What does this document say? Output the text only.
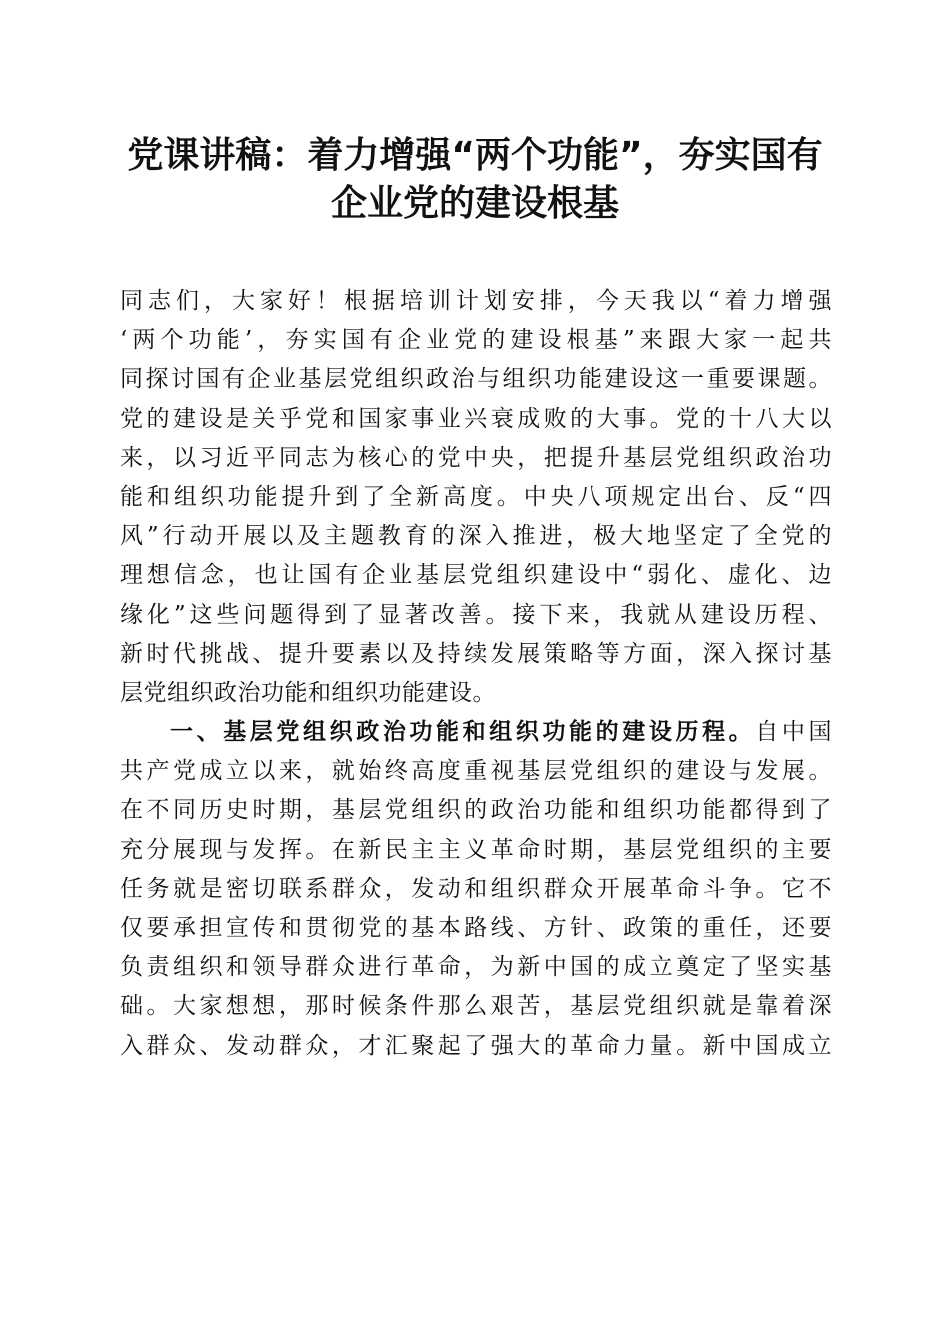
党课讲稿：着力增强“两个功能”，夯实国有
企业党的建设根基
同志们，大家好！根据培训计划安排，今天我以“着力增强
‘两个功能’，夯实国有企业党的建设根基”来跟大家一起共
同探讨国有企业基层党组织政治与组织功能建设这一重要课题。
党的建设是关乎党和国家事业兴衰成败的大事。党的十八大以
来，以习近平同志为核心的党中央，把提升基层党组织政治功
能和组织功能提升到了全新高度。中央八项规定出台、反“四
风”行动开展以及主题教育的深入推进，极大地坚定了全党的
理想信念，也让国有企业基层党组织建设中“弱化、虚化、边
缘化”这些问题得到了显著改善。接下来，我就从建设历程、
新时代挑战、提升要素以及持续发展策略等方面，深入探讨基
层党组织政治功能和组织功能建设。
一、基层党组织政治功能和组织功能的建设历程。自中国
共产党成立以来，就始终高度重视基层党组织的建设与发展。
在不同历史时期，基层党组织的政治功能和组织功能都得到了
充分展现与发挥。在新民主主义革命时期，基层党组织的主要
任务就是密切联系群众，发动和组织群众开展革命斗争。它不
仅要承担宣传和贯彻党的基本路线、方针、政策的重任，还要
负责组织和领导群众进行革命，为新中国的成立奠定了坚实基
础。大家想想，那时候条件那么艰苦，基层党组织就是靠着深
入群众、发动群众，才汇聚起了强大的革命力量。新中国成立
